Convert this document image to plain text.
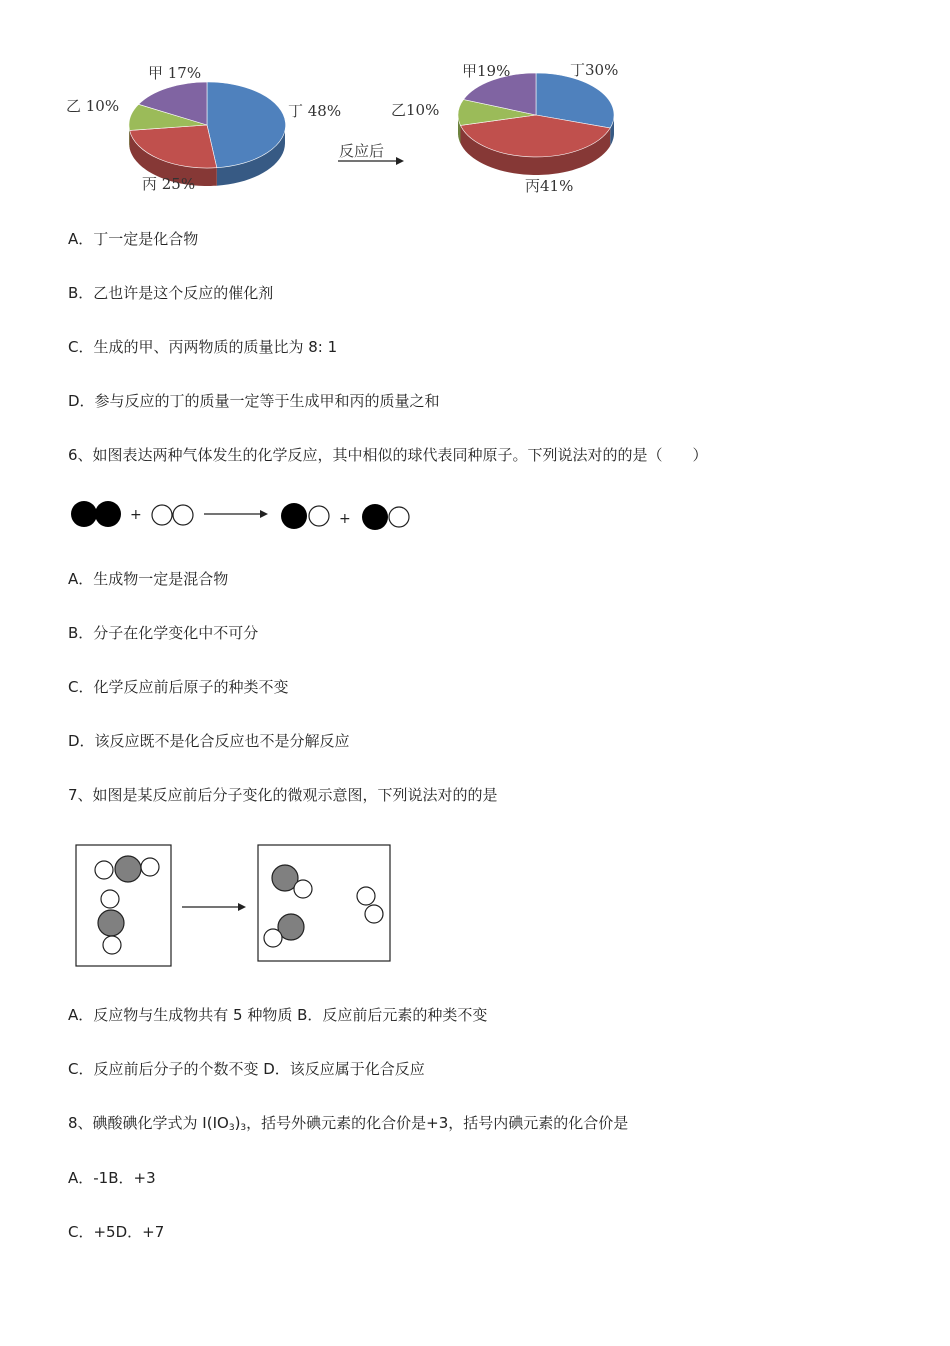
甲 17%
乙 10%	丁 48%
丙 25%
反应后
甲19%
乙10%
丁30%
丙41%
A．丁一定是化合物
B．乙也许是这个反应的催化剂
C．生成的甲、丙两物质的质量比为 8: 1
D．参与反应的丁的质量一定等于生成甲和丙的质量之和
6、如图表达两种气体发生的化学反应，其中相似的球代表同种原子。下列说法对的的是（　　）
+	+
A．生成物一定是混合物
B．分子在化学变化中不可分
C．化学反应前后原子的种类不变
D．该反应既不是化合反应也不是分解反应
7、如图是某反应前后分子变化的微观示意图，下列说法对的的是
A．反应物与生成物共有 5 种物质 B．反应前后元素的种类不变
C．反应前后分子的个数不变 D．该反应属于化合反应
8、碘酸碘化学式为 $I(IO_3)_3$，括号外碘元素的化合价是+3，括号内碘元素的化合价是
A．-1B．+3
C．+5D．+7
